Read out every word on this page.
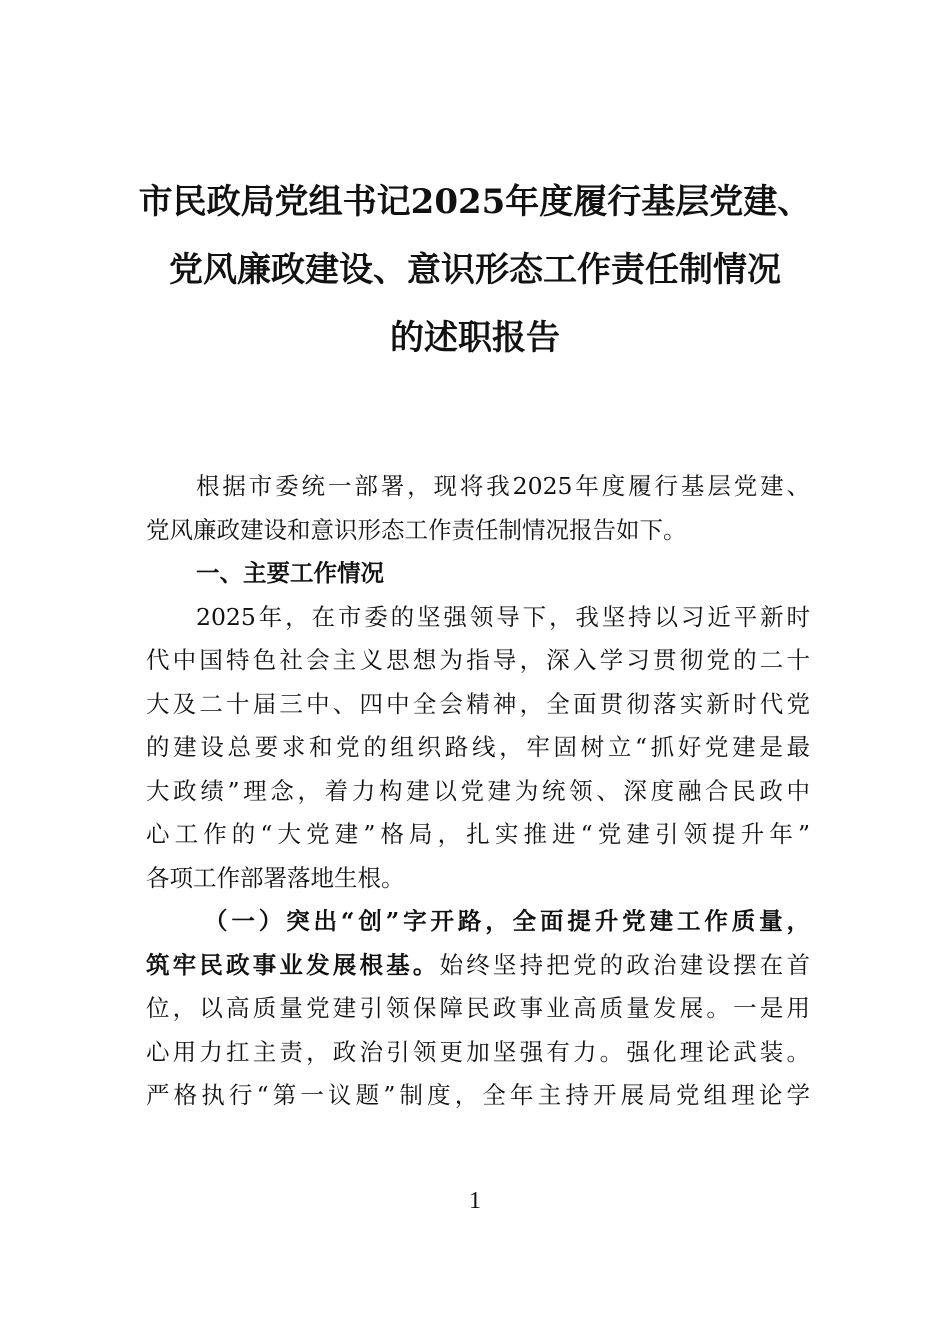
市民政局党组书记2025年度履行基层党建、
党风廉政建设、意识形态工作责任制情况
的述职报告
根据市委统一部署，现将我2025年度履行基层党建、
党风廉政建设和意识形态工作责任制情况报告如下。
一、主要工作情况
2025年，在市委的坚强领导下，我坚持以习近平新时
代中国特色社会主义思想为指导，深入学习贯彻党的二十
大及二十届三中、四中全会精神，全面贯彻落实新时代党
的建设总要求和党的组织路线，牢固树立“抓好党建是最
大政绩”理念，着力构建以党建为统领、深度融合民政中
心工作的“大党建”格局，扎实推进“党建引领提升年”
各项工作部署落地生根。
（一）突出“创”字开路，全面提升党建工作质量，
筑牢民政事业发展根基。始终坚持把党的政治建设摆在首
位，以高质量党建引领保障民政事业高质量发展。一是用
心用力扛主责，政治引领更加坚强有力。强化理论武装。
严格执行“第一议题”制度，全年主持开展局党组理论学
1
